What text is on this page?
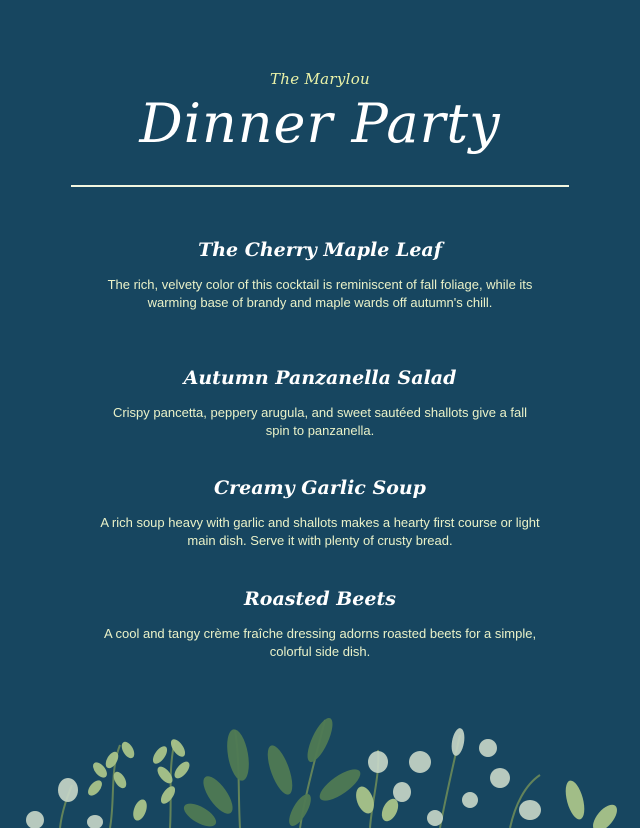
The Marylou
Dinner Party
The Cherry Maple Leaf

The rich, velvety color of this cocktail is reminiscent of fall foliage, while its warming base of brandy and maple wards off autumn's chill.

Autumn Panzanella Salad

Crispy pancetta, peppery arugula, and sweet sautéed shallots give a fall spin to panzanella.

Creamy Garlic Soup

A rich soup heavy with garlic and shallots makes a hearty first course or light main dish. Serve it with plenty of crusty bread.

Roasted Beets

A cool and tangy crème fraîche dressing adorns roasted beets for a simple, colorful side dish.
